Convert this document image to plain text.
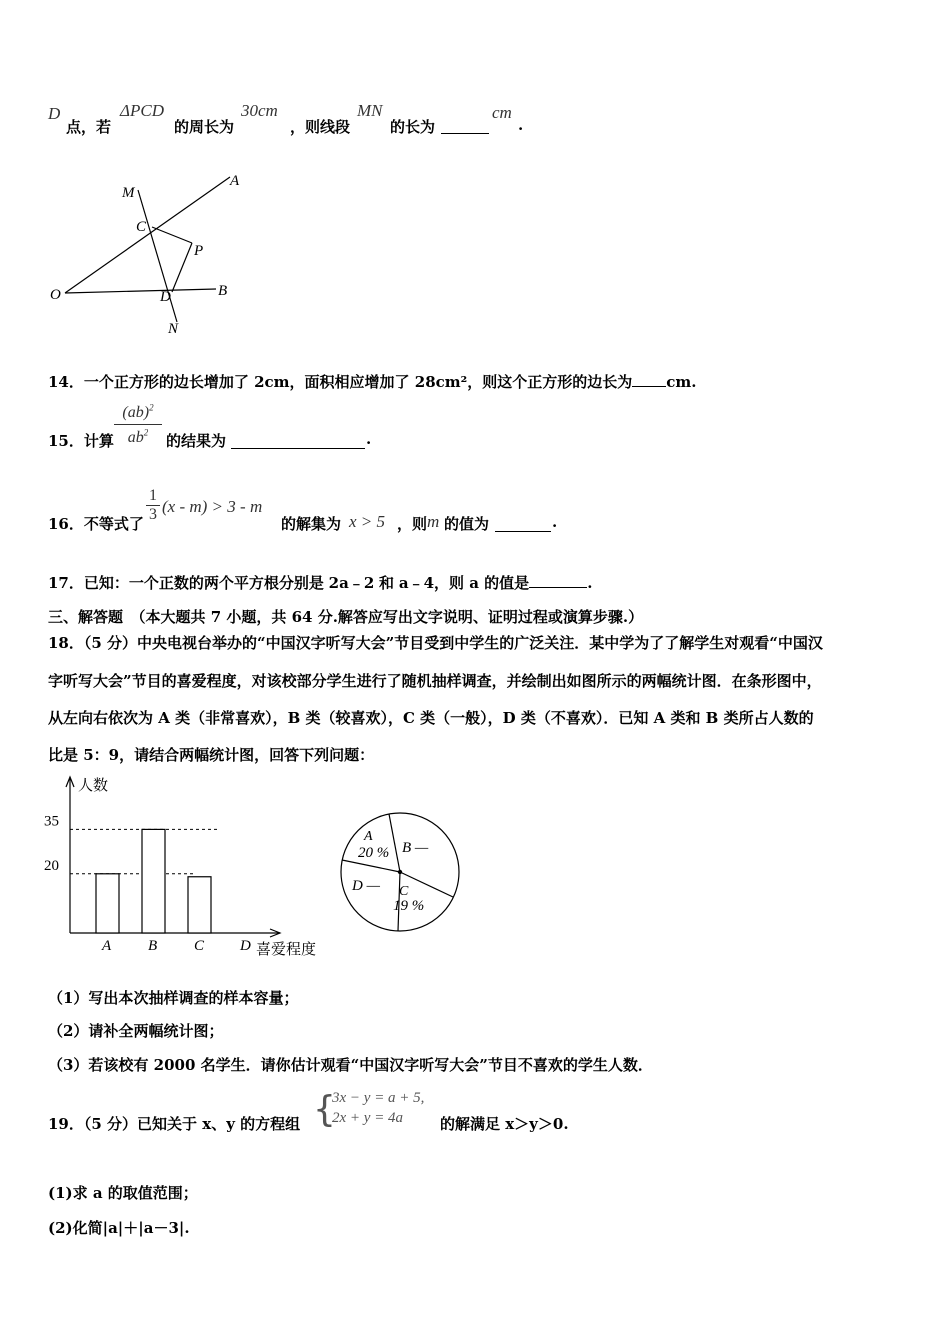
D
点，若
ΔPCD
的周长为
30cm
，则线段
MN
的长为
cm
.
M
A
C
P
O	D	B
N
14．一个正方形的边长增加了 2cm，面积相应增加了 28cm²，则这个正方形的边长为 cm.
15．计算
(ab)$^2$
$ab^2$	的结果为	.
16．不等式了
1
3 (x - m) > 3 - m
的解集为 x > 5 ，则 m 的值为	.
17．已知：一个正数的两个平方根分别是 2a﹣2 和 a﹣4，则 a 的值是	.
三、解答题　（本大题共 7 小题，共 64 分.解答应写出文字说明、证明过程或演算步骤.）
18．（5 分）中央电视台举办的“中国汉字听写大会”节目受到中学生的广泛关注．某中学为了了解学生对观看“中国汉
字听写大会”节目的喜爱程度，对该校部分学生进行了随机抽样调查，并绘制出如图所示的两幅统计图．在条形图中，
从左向右依次为 A 类（非常喜欢），B 类（较喜欢），C 类（一般），D 类（不喜欢）．已知 A 类和 B 类所占人数的
比是 5：9，请结合两幅统计图，回答下列问题：
人数
20
35
A B C D 喜爱程度
A
20 % B —
C
19 %
D —
（1）写出本次抽样调查的样本容量；
（2）请补全两幅统计图；
（3）若该校有 2000 名学生．请你估计观看“中国汉字听写大会”节目不喜欢的学生人数．
19．（5 分）已知关于 x、y 的方程组 {
3x − y = a + 5,
2x + y = 4a 的解满足 x＞y＞0.
(1)求 a 的取值范围；
(2)化简|a|＋|a－3|.
